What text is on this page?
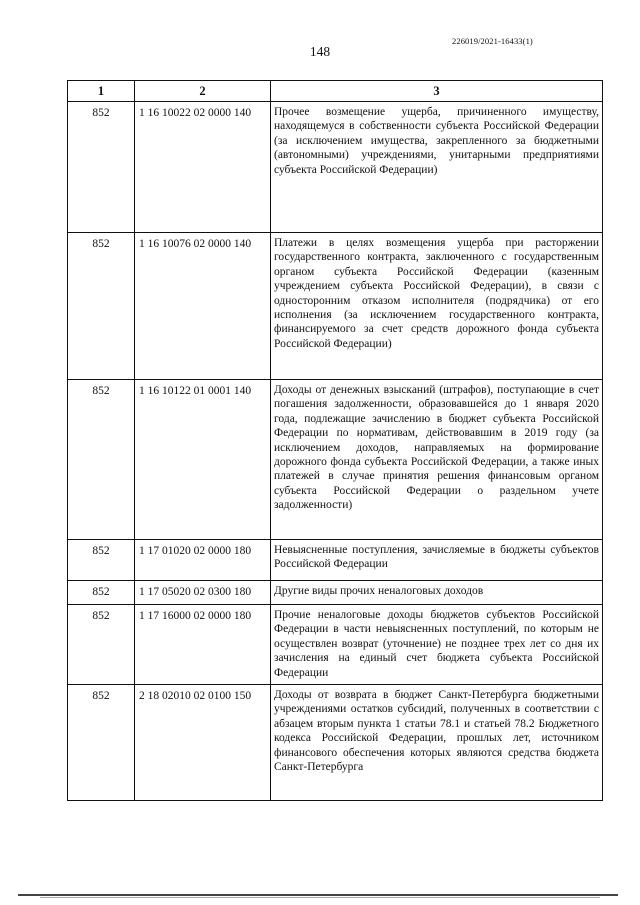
226019/2021-16433(1)
148
1	2	3
852	1 16 10022 02 0000 140	Прочее возмещение ущерба, причиненного имуществу, находящемуся в собственности субъекта Российской Федерации (за исключением имущества, закрепленного за бюджетными (автономными) учреждениями, унитарными предприятиями субъекта Российской Федерации)
852	1 16 10076 02 0000 140	Платежи в целях возмещения ущерба при расторжении государственного контракта, заключенного с государственным органом субъекта Российской Федерации (казенным учреждением субъекта Российской Федерации), в связи с односторонним отказом исполнителя (подрядчика) от его исполнения (за исключением государственного контракта, финансируемого за счет средств дорожного фонда субъекта Российской Федерации)
852	1 16 10122 01 0001 140	Доходы от денежных взысканий (штрафов), поступающие в счет погашения задолженности, образовавшейся до 1 января 2020 года, подлежащие зачислению в бюджет субъекта Российской Федерации по нормативам, действовавшим в 2019 году (за исключением доходов, направляемых на формирование дорожного фонда субъекта Российской Федерации, а также иных платежей в случае принятия решения финансовым органом субъекта Российской Федерации о раздельном учете задолженности)
852	1 17 01020 02 0000 180	Невыясненные поступления, зачисляемые в бюджеты субъектов Российской Федерации
852	1 17 05020 02 0300 180	Другие виды прочих неналоговых доходов
852	1 17 16000 02 0000 180	Прочие неналоговые доходы бюджетов субъектов Российской Федерации в части невыясненных поступлений, по которым не осуществлен возврат (уточнение) не позднее трех лет со дня их зачисления на единый счет бюджета субъекта Российской Федерации
852	2 18 02010 02 0100 150	Доходы от возврата в бюджет Санкт-Петербурга бюджетными учреждениями остатков субсидий, полученных в соответствии с абзацем вторым пункта 1 статьи 78.1 и статьей 78.2 Бюджетного кодекса Российской Федерации, прошлых лет, источником финансового обеспечения которых являются средства бюджета Санкт-Петербурга
